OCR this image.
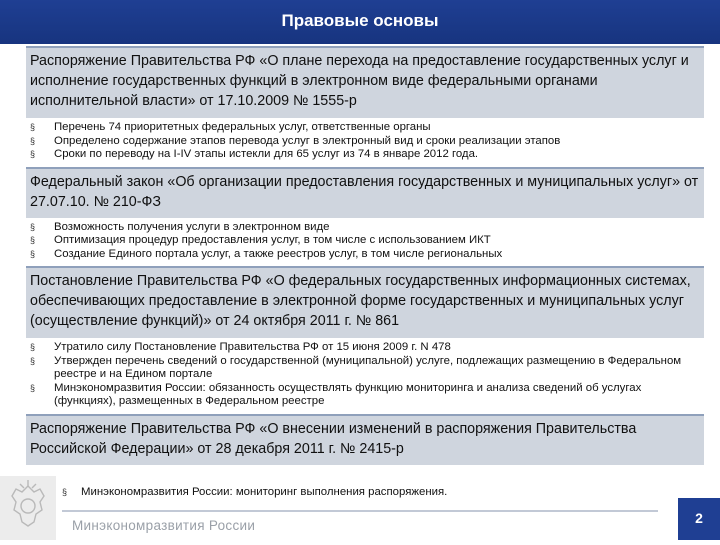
Правовые основы
Распоряжение Правительства РФ «О плане перехода на предоставление государственных услуг и исполнение государственных функций в электронном виде федеральными органами исполнительной власти» от 17.10.2009 № 1555-р
§ Перечень 74 приоритетных федеральных услуг, ответственные органы
§ Определено содержание этапов перевода услуг в электронный вид и сроки реализации этапов
§ Сроки по переводу на I-IV этапы истекли для 65 услуг из 74 в январе 2012 года.
Федеральный закон «Об организации предоставления государственных и муниципальных услуг» от 27.07.10. № 210-ФЗ
§ Возможность получения услуги в электронном виде
§ Оптимизация процедур предоставления услуг, в том числе с использованием ИКТ
§ Создание Единого портала услуг, а также реестров услуг, в том числе региональных
Постановление Правительства РФ «О федеральных государственных информационных системах, обеспечивающих предоставление в электронной форме государственных и муниципальных услуг (осуществление функций)» от 24 октября 2011 г. № 861
§ Утратило силу Постановление Правительства РФ от 15 июня 2009 г. N 478
§ Утвержден перечень сведений о государственной (муниципальной) услуге, подлежащих размещению в Федеральном реестре и на Едином портале
§ Минэкономразвития России: обязанность осуществлять функцию мониторинга и анализа сведений об услугах (функциях), размещенных в Федеральном реестре
Распоряжение Правительства РФ «О внесении изменений в распоряжения Правительства Российской Федерации» от 28 декабря 2011 г. № 2415-р
§ Минэкономразвития России: мониторинг выполнения распоряжения.
Минэкономразвития России	2
